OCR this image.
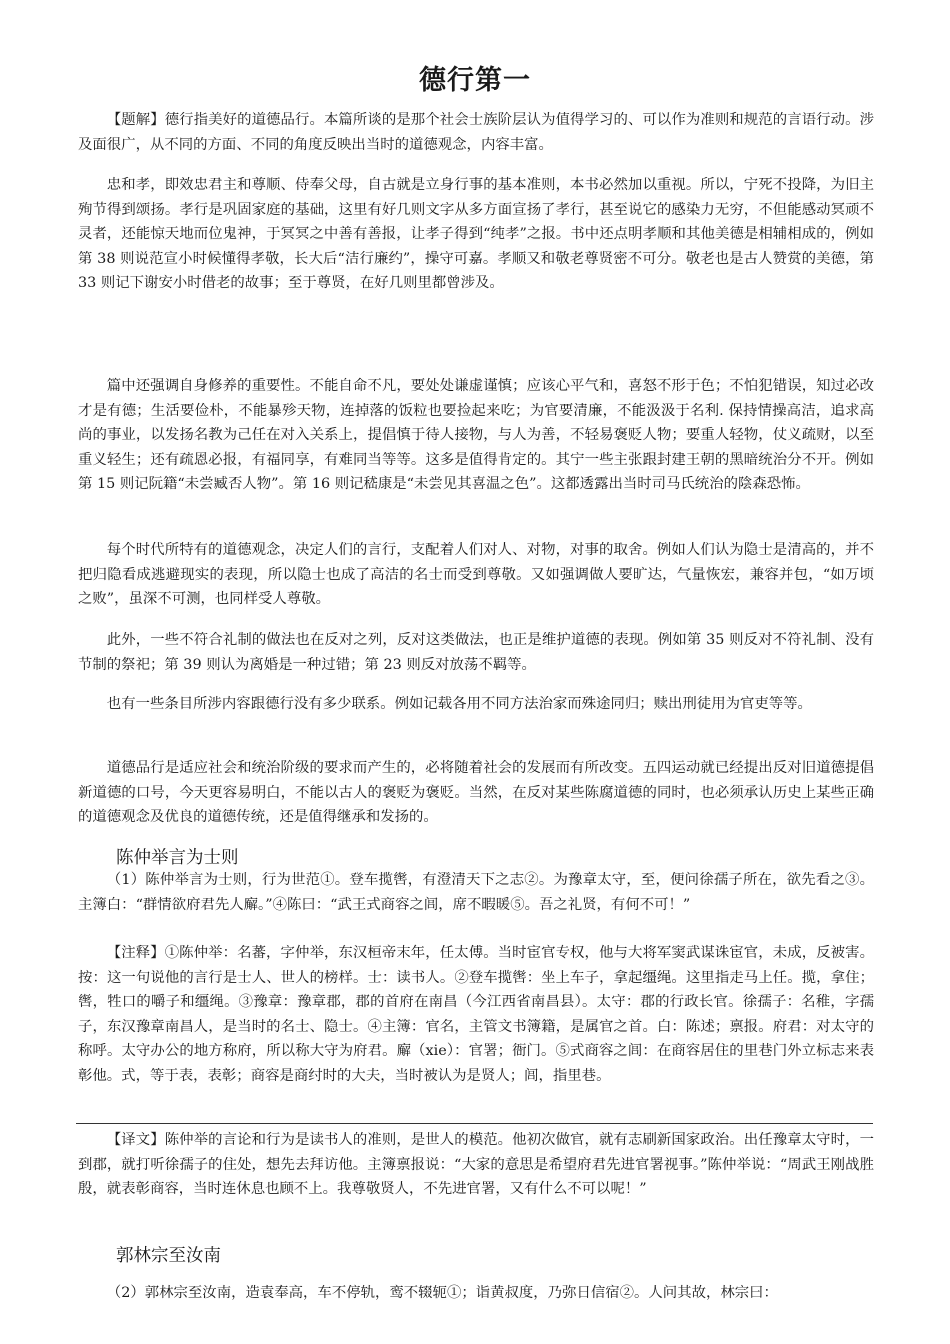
德行第一

【题解】德行指美好的道德品行。本篇所谈的是那个社会士族阶层认为值得学习的、可以作为准则和规范的言语行动。涉及面很广，从不同的方面、不同的角度反映出当时的道德观念，内容丰富。

忠和孝，即效忠君主和尊顺、侍奉父母，自古就是立身行事的基本准则，本书必然加以重视。所以，宁死不投降，为旧主殉节得到颂扬。孝行是巩固家庭的基础，这里有好几则文字从多方面宣扬了孝行，甚至说它的感染力无穷，不但能感动冥顽不灵者，还能惊天地而位鬼神，于冥冥之中善有善报，让孝子得到“纯孝”之报。书中还点明孝顺和其他美德是相辅相成的，例如第 38 则说范宣小时候懂得孝敬，长大后“洁行廉约”，操守可嘉。孝顺又和敬老尊贤密不可分。敬老也是古人赞赏的美德，第 33 则记下谢安小时借老的故事；至于尊贤，在好几则里都曾涉及。

篇中还强调自身修养的重要性。不能自命不凡，要处处谦虚谨慎；应该心平气和，喜怒不形于色；不怕犯错误，知过必改才是有德；生活要俭朴，不能暴殄天物，连掉落的饭粒也要捡起来吃；为官要清廉，不能汲汲于名利. 保持情操高洁，追求高尚的事业，以发扬名教为己任在对入关系上，提倡慎于待人接物，与人为善，不轻易褒贬人物；要重人轻物，仗义疏财，以至重义轻生；还有疏恩必报，有福同享，有难同当等等。这多是值得肯定的。其宁一些主张跟封建王朝的黑暗统治分不开。例如第 15 则记阮籍“未尝臧否人物”。第 16 则记嵇康是“未尝见其喜温之色”。这都透露出当时司马氏统治的陰森恐怖。

每个时代所特有的道德观念，决定人们的言行，支配着人们对人、对物，对事的取舍。例如人们认为隐士是清高的，并不把归隐看成逃避现实的表现，所以隐士也成了高洁的名士而受到尊敬。又如强调做人要旷达，气量恢宏，兼容并包，“如万顷之败”，虽深不可测，也同样受人尊敬。

此外，一些不符合礼制的做法也在反对之列，反对这类做法，也正是维护道德的表现。例如第 35 则反对不符礼制、没有节制的祭祀；第 39 则认为离婚是一种过错；第 23 则反对放荡不羁等。

也有一些条目所涉内容跟德行没有多少联系。例如记载各用不同方法治家而殊途同归；赎出刑徒用为官吏等等。

道德品行是适应社会和统治阶级的要求而产生的，必将随着社会的发展而有所改变。五四运动就已经提出反对旧道德提倡新道德的口号，今天更容易明白，不能以古人的褒贬为褒贬。当然，在反对某些陈腐道德的同时，也必须承认历史上某些正确的道德观念及优良的道德传统，还是值得继承和发扬的。

陈仲举言为士则

（1）陈仲举言为士则，行为世范①。登车揽辔，有澄清天下之志②。为豫章太守，至，便问徐孺子所在，欲先看之③。主簿白：“群情欲府君先人廨。”④陈曰：“武王式商容之闾，席不暇暖⑤。吾之礼贤，有何不可！”

【注释】①陈仲举：名蕃，字仲举，东汉桓帝末年，任太傅。当时宦官专权，他与大将军窦武谋诛宦官，未成，反被害。按：这一句说他的言行是士人、世人的榜样。士：读书人。②登车揽辔：坐上车子，拿起缰绳。这里指走马上任。揽，拿住；辔，牲口的嚼子和缰绳。③豫章：豫章郡，郡的首府在南昌（今江西省南昌县）。太守：郡的行政长官。徐孺子：名稚，字孺子，东汉豫章南昌人，是当时的名士、隐士。④主簿：官名，主管文书簿籍，是属官之首。白：陈述；禀报。府君：对太守的称呼。太守办公的地方称府，所以称大守为府君。廨（xie）：官署；衙门。⑤式商容之闾：在商容居住的里巷门外立标志来表彰他。式，等于表，表彰；商容是商纣时的大夫，当时被认为是贤人；闾，指里巷。

【译文】陈仲举的言论和行为是读书人的准则，是世人的模范。他初次做官，就有志刷新国家政治。出任豫章太守时，一到郡，就打听徐孺子的住处，想先去拜访他。主簿禀报说：“大家的意思是希望府君先进官署视事。”陈仲举说：“周武王刚战胜殷，就表彰商容，当时连休息也顾不上。我尊敬贤人，不先进官署，又有什么不可以呢！”

郭林宗至汝南

（2）郭林宗至汝南，造袁奉高，车不停轨，鸾不辍轭①；诣黄叔度，乃弥日信宿②。人问其故，林宗曰：
